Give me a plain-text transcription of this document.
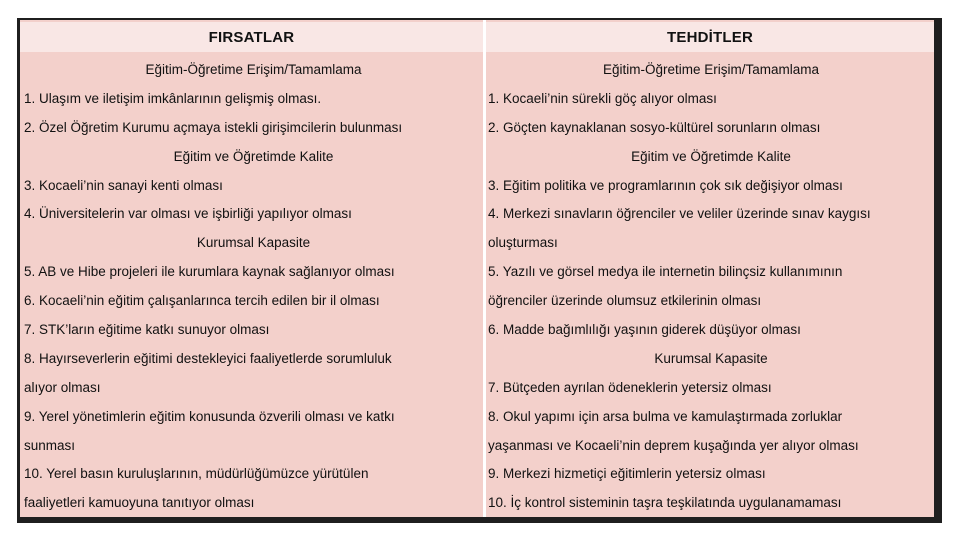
FIRSATLAR
Eğitim-Öğretime Erişim/Tamamlama
1. Ulaşım ve iletişim imkânlarının gelişmiş olması.
2. Özel Öğretim Kurumu açmaya istekli girişimcilerin bulunması
Eğitim ve Öğretimde Kalite
3. Kocaeli’nin sanayi kenti olması
4. Üniversitelerin var olması ve işbirliği yapılıyor olması
Kurumsal Kapasite
5. AB ve Hibe projeleri ile kurumlara kaynak sağlanıyor olması
6. Kocaeli’nin eğitim çalışanlarınca tercih edilen bir il olması
7. STK’ların eğitime katkı sunuyor olması
8. Hayırseverlerin eğitimi destekleyici faaliyetlerde sorumluluk
alıyor olması
9. Yerel yönetimlerin eğitim konusunda özverili olması ve katkı
sunması
10. Yerel basın kuruluşlarının, müdürlüğümüzce yürütülen
faaliyetleri kamuoyuna tanıtıyor olması
TEHDİTLER
Eğitim-Öğretime Erişim/Tamamlama
1. Kocaeli’nin sürekli göç alıyor olması
2. Göçten kaynaklanan sosyo-kültürel sorunların olması
Eğitim ve Öğretimde Kalite
3. Eğitim politika ve programlarının çok sık değişiyor olması
4. Merkezi sınavların öğrenciler ve veliler üzerinde sınav kaygısı
oluşturması
5. Yazılı ve görsel medya ile internetin bilinçsiz kullanımının
öğrenciler üzerinde olumsuz etkilerinin olması
6. Madde bağımlılığı yaşının giderek düşüyor olması
Kurumsal Kapasite
7. Bütçeden ayrılan ödeneklerin yetersiz olması
8. Okul yapımı için arsa bulma ve kamulaştırmada zorluklar
yaşanması ve Kocaeli’nin deprem kuşağında yer alıyor olması
9. Merkezi hizmetiçi eğitimlerin yetersiz olması
10. İç kontrol sisteminin taşra teşkilatında uygulanamaması
